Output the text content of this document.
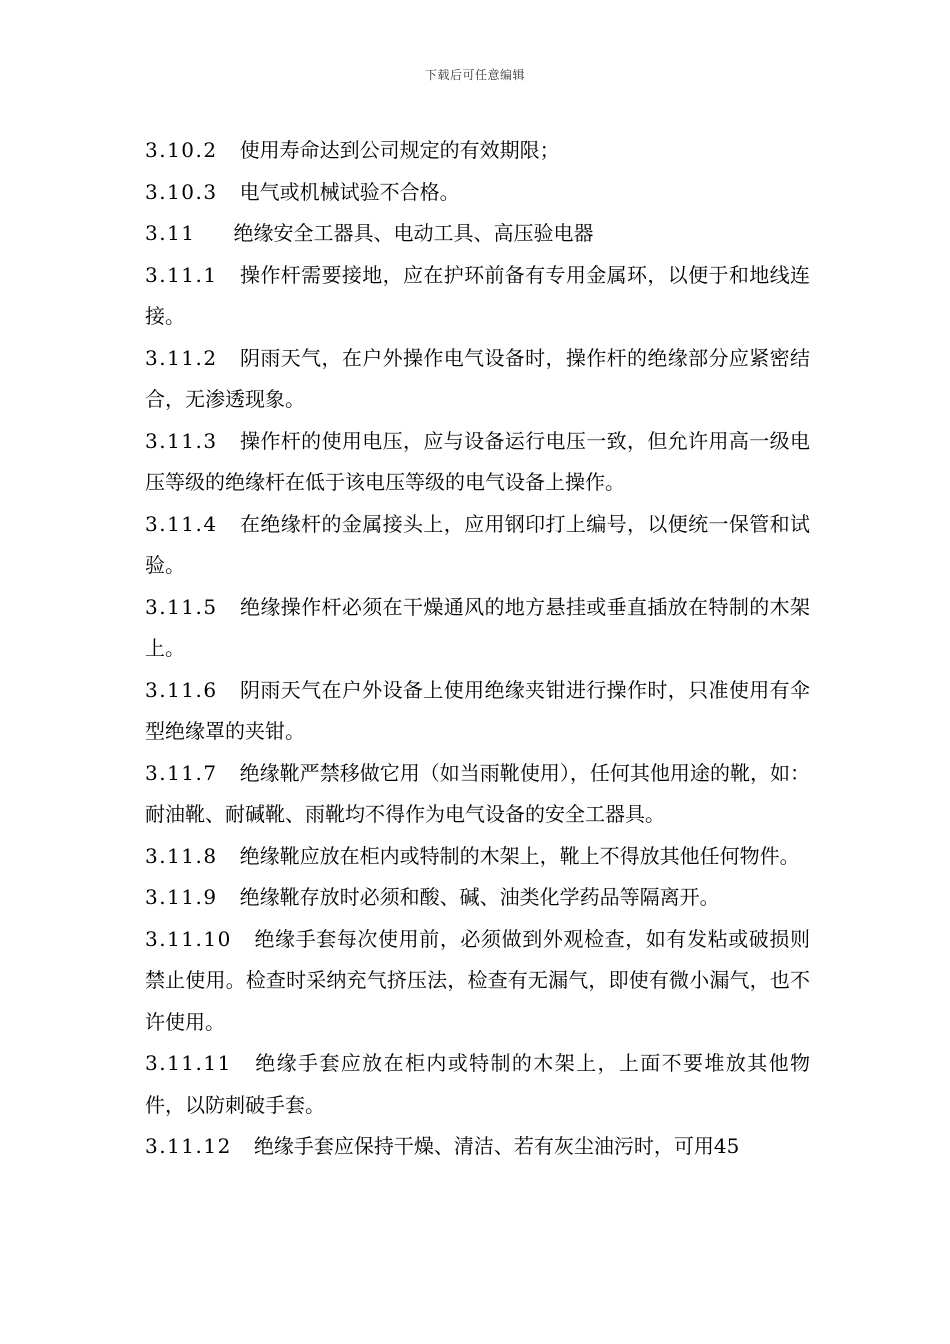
下载后可任意编辑

3.10.2 使用寿命达到公司规定的有效期限；

3.10.3 电气或机械试验不合格。

3.11 绝缘安全工器具、电动工具、高压验电器

3.11.1 操作杆需要接地，应在护环前备有专用金属环，以便于和地线连接。

3.11.2 阴雨天气，在户外操作电气设备时，操作杆的绝缘部分应紧密结合，无渗透现象。

3.11.3 操作杆的使用电压，应与设备运行电压一致，但允许用高一级电压等级的绝缘杆在低于该电压等级的电气设备上操作。

3.11.4 在绝缘杆的金属接头上，应用钢印打上编号，以便统一保管和试验。

3.11.5 绝缘操作杆必须在干燥通风的地方悬挂或垂直插放在特制的木架上。

3.11.6 阴雨天气在户外设备上使用绝缘夹钳进行操作时，只准使用有伞型绝缘罩的夹钳。

3.11.7 绝缘靴严禁移做它用（如当雨靴使用），任何其他用途的靴，如：耐油靴、耐碱靴、雨靴均不得作为电气设备的安全工器具。

3.11.8 绝缘靴应放在柜内或特制的木架上，靴上不得放其他任何物件。

3.11.9 绝缘靴存放时必须和酸、碱、油类化学药品等隔离开。

3.11.10 绝缘手套每次使用前，必须做到外观检查，如有发粘或破损则禁止使用。检查时采纳充气挤压法，检查有无漏气，即使有微小漏气，也不许使用。

3.11.11 绝缘手套应放在柜内或特制的木架上，上面不要堆放其他物件，以防刺破手套。

3.11.12 绝缘手套应保持干燥、清洁、若有灰尘油污时，可用45
